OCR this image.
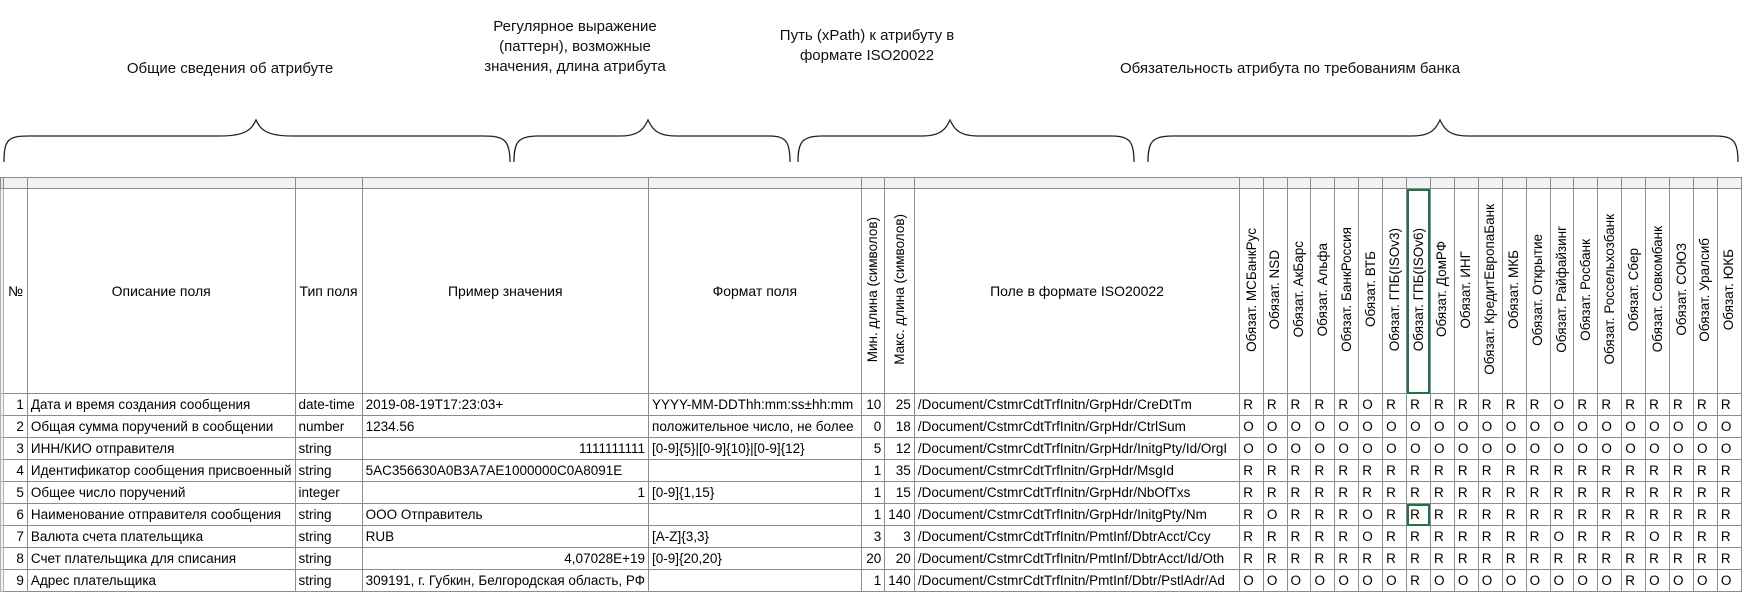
Общие сведения об атрибуте
Регулярное выражение
(паттерн), возможные
значения, длина атрибута
Путь (xPath) к атрибуту в
формате ISO20022
Обязательность атрибута по требованиям банка

	№	Описание поля	Тип поля	Пример значения	Формат поля	Мин. длина (символов)	Макс. длина (символов)	Поле в формате ISO20022	Обязат. МСБанкРус	Обязат. NSD	Обязат. АкБарс	Обязат. Альфа	Обязат. БанкРоссия	Обязат. ВТБ	Обязат. ГПБ(ISOv3)	Обязат. ГПБ(ISOv6)	Обязат. ДомРФ	Обязат. ИНГ	Обязат. КредитЕвропаБанк	Обязат. МКБ	Обязат. Открытие	Обязат. Райфайзинг	Обязат. Росбанк	Обязат. Россельхозбанк	Обязат. Сбер	Обязат. Совкомбанк	Обязат. СОЮЗ	Обязат. Уралсиб	Обязат. ЮКБ
	1	Дата и время создания сообщения	date-time	2019-08-19T17:23:03+	YYYY-MM-DDThh:mm:ss±hh:mm	10	25	/Document/CstmrCdtTrfInitn/GrpHdr/CreDtTm	R	R	R	R	R	O	R	R	R	R	R	R	R	O	R	R	R	R	R	R	R
	2	Общая сумма поручений в сообщении	number	1234.56	положительное число, не более	0	18	/Document/CstmrCdtTrfInitn/GrpHdr/CtrlSum	O	O	O	O	O	O	O	O	O	O	O	O	O	O	O	O	O	O	O	O	O
	3	ИНН/КИО отправителя	string	1111111111	[0-9]{5}|[0-9]{10}|[0-9]{12}	5	12	/Document/CstmrCdtTrfInitn/GrpHdr/InitgPty/Id/OrgI	O	O	O	O	O	O	O	O	O	O	O	O	O	O	O	O	O	O	O	O	O
	4	Идентификатор сообщения присвоенный	string	5AC356630A0B3A7AE1000000C0A8091E		1	35	/Document/CstmrCdtTrfInitn/GrpHdr/MsgId	R	R	R	R	R	R	R	R	R	R	R	R	R	R	R	R	R	R	R	R	R
	5	Общее число поручений	integer	1	[0-9]{1,15}	1	15	/Document/CstmrCdtTrfInitn/GrpHdr/NbOfTxs	R	R	R	R	R	R	R	R	R	R	R	R	R	R	R	R	R	R	R	R	R
	6	Наименование отправителя сообщения	string	ООО Отправитель		1	140	/Document/CstmrCdtTrfInitn/GrpHdr/InitgPty/Nm	R	O	R	R	R	O	R	R	R	R	R	R	R	R	R	R	R	R	R	R	R
	7	Валюта счета плательщика	string	RUB	[A-Z]{3,3}	3	3	/Document/CstmrCdtTrfInitn/PmtInf/DbtrAcct/Ccy	R	R	R	R	R	O	R	R	R	R	R	R	R	O	R	R	R	O	R	R	R
	8	Счет плательщика для списания	string	4,07028E+19	[0-9]{20,20}	20	20	/Document/CstmrCdtTrfInitn/PmtInf/DbtrAcct/Id/Oth	R	R	R	R	R	R	R	R	R	R	R	R	R	R	R	R	R	R	R	R	R
	9	Адрес плательщика	string	309191, г. Губкин, Белгородская область, РФ		1	140	/Document/CstmrCdtTrfInitn/PmtInf/Dbtr/PstlAdr/Ad	O	O	O	O	O	O	O	R	O	O	O	O	O	O	O	O	R	O	O	O	O
